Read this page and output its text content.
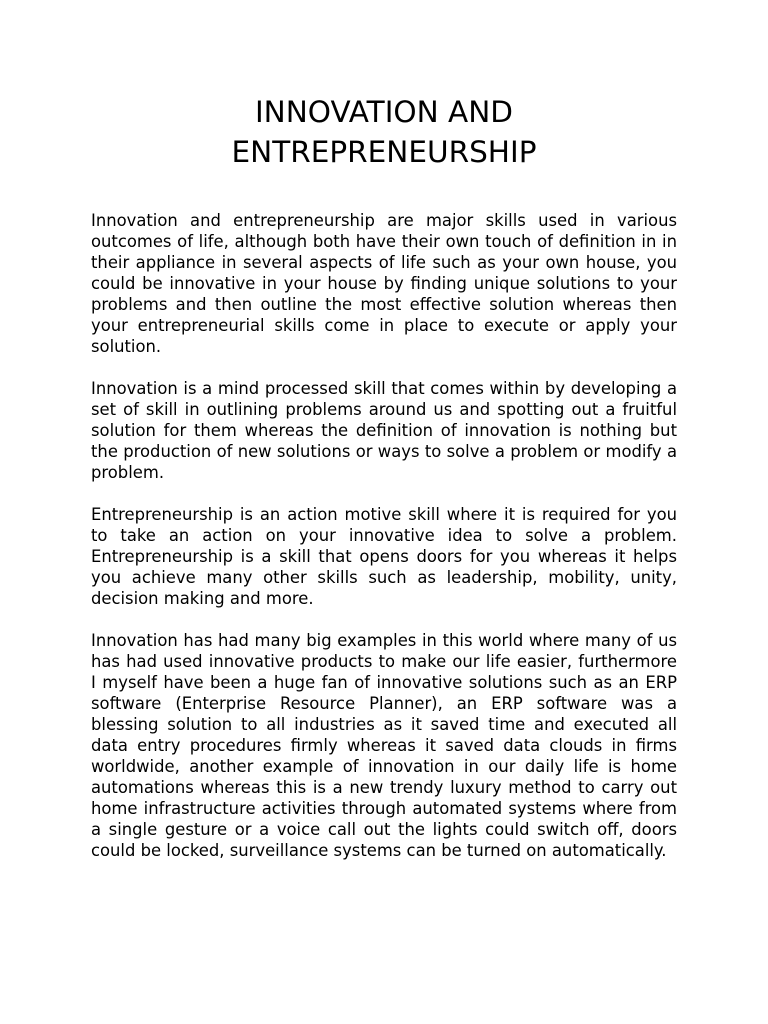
INNOVATION AND
ENTREPRENEURSHIP

Innovation and entrepreneurship are major skills used in various outcomes of life, although both have their own touch of definition in in their appliance in several aspects of life such as your own house, you could be innovative in your house by finding unique solutions to your problems and then outline the most effective solution whereas then your entrepreneurial skills come in place to execute or apply your solution.

Innovation is a mind processed skill that comes within by developing a set of skill in outlining problems around us and spotting out a fruitful solution for them whereas the definition of innovation is nothing but the production of new solutions or ways to solve a problem or modify a problem.

Entrepreneurship is an action motive skill where it is required for you to take an action on your innovative idea to solve a problem. Entrepreneurship is a skill that opens doors for you whereas it helps you achieve many other skills such as leadership, mobility, unity, decision making and more.

Innovation has had many big examples in this world where many of us has had used innovative products to make our life easier, furthermore I myself have been a huge fan of innovative solutions such as an ERP software (Enterprise Resource Planner), an ERP software was a blessing solution to all industries as it saved time and executed all data entry procedures firmly whereas it saved data clouds in firms worldwide, another example of innovation in our daily life is home automations whereas this is a new trendy luxury method to carry out home infrastructure activities through automated systems where from a single gesture or a voice call out the lights could switch off, doors could be locked, surveillance systems can be turned on automatically.
